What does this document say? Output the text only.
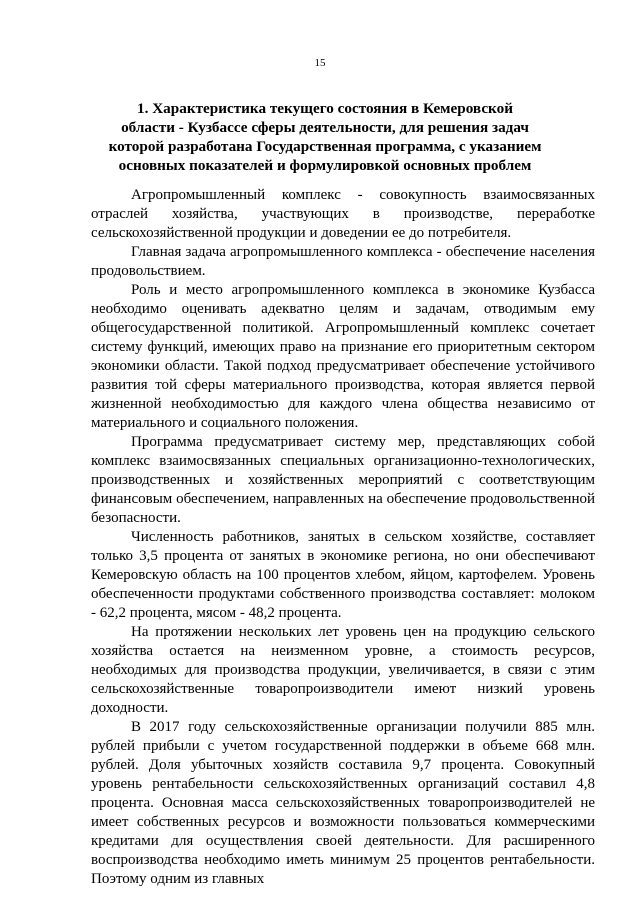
15
1. Характеристика текущего состояния в Кемеровской
области - Кузбассе сферы деятельности, для решения задач
которой разработана Государственная программа, с указанием
основных показателей и формулировкой основных проблем

Агропромышленный комплекс - совокупность взаимосвязанных отраслей хозяйства, участвующих в производстве, переработке сельскохозяйственной продукции и доведении ее до потребителя.

Главная задача агропромышленного комплекса - обеспечение населения продовольствием.

Роль и место агропромышленного комплекса в экономике Кузбасса необходимо оценивать адекватно целям и задачам, отводимым ему общегосударственной политикой. Агропромышленный комплекс сочетает систему функций, имеющих право на признание его приоритетным сектором экономики области. Такой подход предусматривает обеспечение устойчивого развития той сферы материального производства, которая является первой жизненной необходимостью для каждого члена общества независимо от материального и социального положения.

Программа предусматривает систему мер, представляющих собой комплекс взаимосвязанных специальных организационно-технологических, производственных и хозяйственных мероприятий с соответствующим финансовым обеспечением, направленных на обеспечение продовольственной безопасности.

Численность работников, занятых в сельском хозяйстве, составляет только 3,5 процента от занятых в экономике региона, но они обеспечивают Кемеровскую область на 100 процентов хлебом, яйцом, картофелем. Уровень обеспеченности продуктами собственного производства составляет: молоком - 62,2 процента, мясом - 48,2 процента.

На протяжении нескольких лет уровень цен на продукцию сельского хозяйства остается на неизменном уровне, а стоимость ресурсов, необходимых для производства продукции, увеличивается, в связи с этим сельскохозяйственные товаропроизводители имеют низкий уровень доходности.

В 2017 году сельскохозяйственные организации получили 885 млн. рублей прибыли с учетом государственной поддержки в объеме 668 млн. рублей. Доля убыточных хозяйств составила 9,7 процента. Совокупный уровень рентабельности сельскохозяйственных организаций составил 4,8 процента. Основная масса сельскохозяйственных товаропроизводителей не имеет собственных ресурсов и возможности пользоваться коммерческими кредитами для осуществления своей деятельности. Для расширенного воспроизводства необходимо иметь минимум 25 процентов рентабельности. Поэтому одним из главных
